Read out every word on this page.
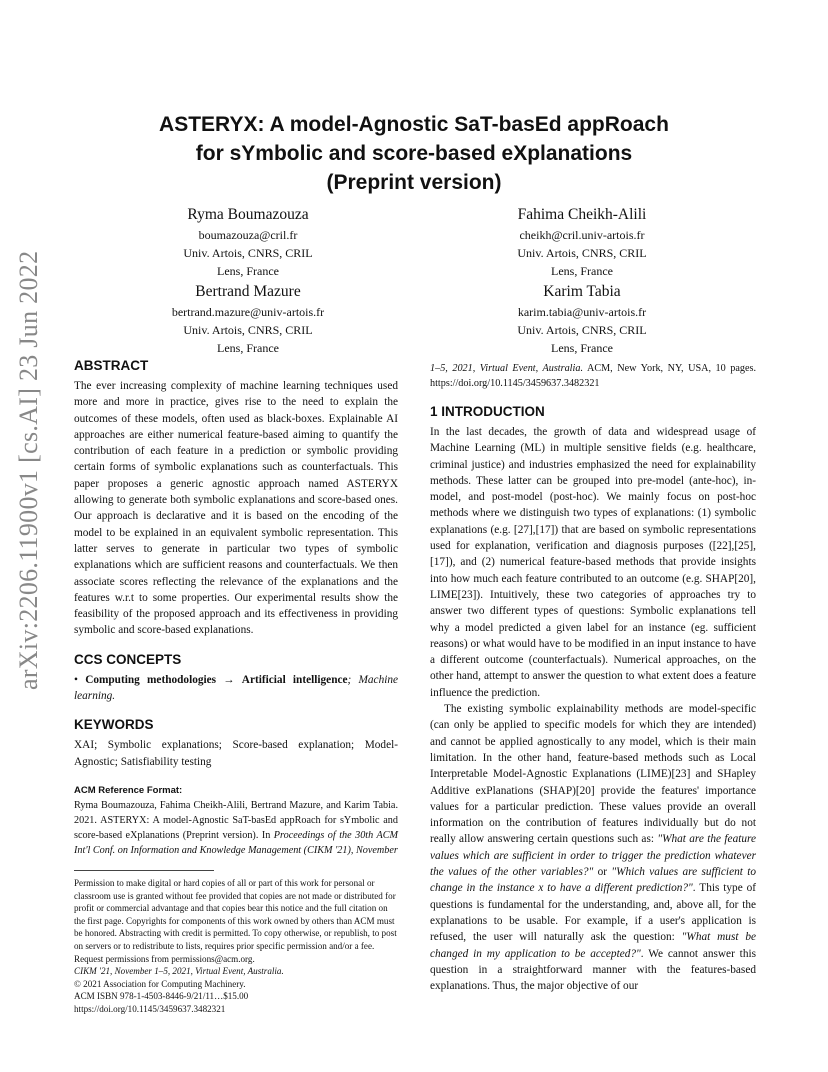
arXiv:2206.11900v1 [cs.AI] 23 Jun 2022
ASTERYX: A model-Agnostic SaT-basEd appRoach
for sYmbolic and score-based eXplanations
(Preprint version)
Ryma Boumazouza
boumazouza@cril.fr
Univ. Artois, CNRS, CRIL
Lens, France
Fahima Cheikh-Alili
cheikh@cril.univ-artois.fr
Univ. Artois, CNRS, CRIL
Lens, France
Bertrand Mazure
bertrand.mazure@univ-artois.fr
Univ. Artois, CNRS, CRIL
Lens, France
Karim Tabia
karim.tabia@univ-artois.fr
Univ. Artois, CNRS, CRIL
Lens, France
ABSTRACT

The ever increasing complexity of machine learning techniques used more and more in practice, gives rise to the need to explain the outcomes of these models, often used as black-boxes. Explainable AI approaches are either numerical feature-based aiming to quantify the contribution of each feature in a prediction or symbolic providing certain forms of symbolic explanations such as counterfactuals. This paper proposes a generic agnostic approach named ASTERYX allowing to generate both symbolic explanations and score-based ones. Our approach is declarative and it is based on the encoding of the model to be explained in an equivalent symbolic representation. This latter serves to generate in particular two types of symbolic explanations which are sufficient reasons and counterfactuals. We then associate scores reflecting the relevance of the explanations and the features w.r.t to some properties. Our experimental results show the feasibility of the proposed approach and its effectiveness in providing symbolic and score-based explanations.

CCS CONCEPTS

• Computing methodologies → Artificial intelligence; Machine learning.

KEYWORDS

XAI; Symbolic explanations; Score-based explanation; Model-Agnostic; Satisfiability testing

ACM Reference Format:

Ryma Boumazouza, Fahima Cheikh-Alili, Bertrand Mazure, and Karim Tabia. 2021. ASTERYX: A model-Agnostic SaT-basEd appRoach for sYmbolic and score-based eXplanations (Preprint version). In Proceedings of the 30th ACM Int'l Conf. on Information and Knowledge Management (CIKM '21), November

Permission to make digital or hard copies of all or part of this work for personal or classroom use is granted without fee provided that copies are not made or distributed for profit or commercial advantage and that copies bear this notice and the full citation on the first page. Copyrights for components of this work owned by others than ACM must be honored. Abstracting with credit is permitted. To copy otherwise, or republish, to post on servers or to redistribute to lists, requires prior specific permission and/or a fee. Request permissions from permissions@acm.org.
CIKM '21, November 1–5, 2021, Virtual Event, Australia.
© 2021 Association for Computing Machinery.
ACM ISBN 978-1-4503-8446-9/21/11…$15.00
https://doi.org/10.1145/3459637.3482321

1–5, 2021, Virtual Event, Australia. ACM, New York, NY, USA, 10 pages. https://doi.org/10.1145/3459637.3482321

1 INTRODUCTION

In the last decades, the growth of data and widespread usage of Machine Learning (ML) in multiple sensitive fields (e.g. healthcare, criminal justice) and industries emphasized the need for explainability methods. These latter can be grouped into pre-model (ante-hoc), in-model, and post-model (post-hoc). We mainly focus on post-hoc methods where we distinguish two types of explanations: (1) symbolic explanations (e.g. [27],[17]) that are based on symbolic representations used for explanation, verification and diagnosis purposes ([22],[25],[17]), and (2) numerical feature-based methods that provide insights into how much each feature contributed to an outcome (e.g. SHAP[20], LIME[23]). Intuitively, these two categories of approaches try to answer two different types of questions: Symbolic explanations tell why a model predicted a given label for an instance (eg. sufficient reasons) or what would have to be modified in an input instance to have a different outcome (counterfactuals). Numerical approaches, on the other hand, attempt to answer the question to what extent does a feature influence the prediction.

The existing symbolic explainability methods are model-specific (can only be applied to specific models for which they are intended) and cannot be applied agnostically to any model, which is their main limitation. In the other hand, feature-based methods such as Local Interpretable Model-Agnostic Explanations (LIME)[23] and SHapley Additive exPlanations (SHAP)[20] provide the features' importance values for a particular prediction. These values provide an overall information on the contribution of features individually but do not really allow answering certain questions such as: "What are the feature values which are sufficient in order to trigger the prediction whatever the values of the other variables?" or "Which values are sufficient to change in the instance x to have a different prediction?". This type of questions is fundamental for the understanding, and, above all, for the explanations to be usable. For example, if a user's application is refused, the user will naturally ask the question: "What must be changed in my application to be accepted?". We cannot answer this question in a straightforward manner with the features-based explanations. Thus, the major objective of our
